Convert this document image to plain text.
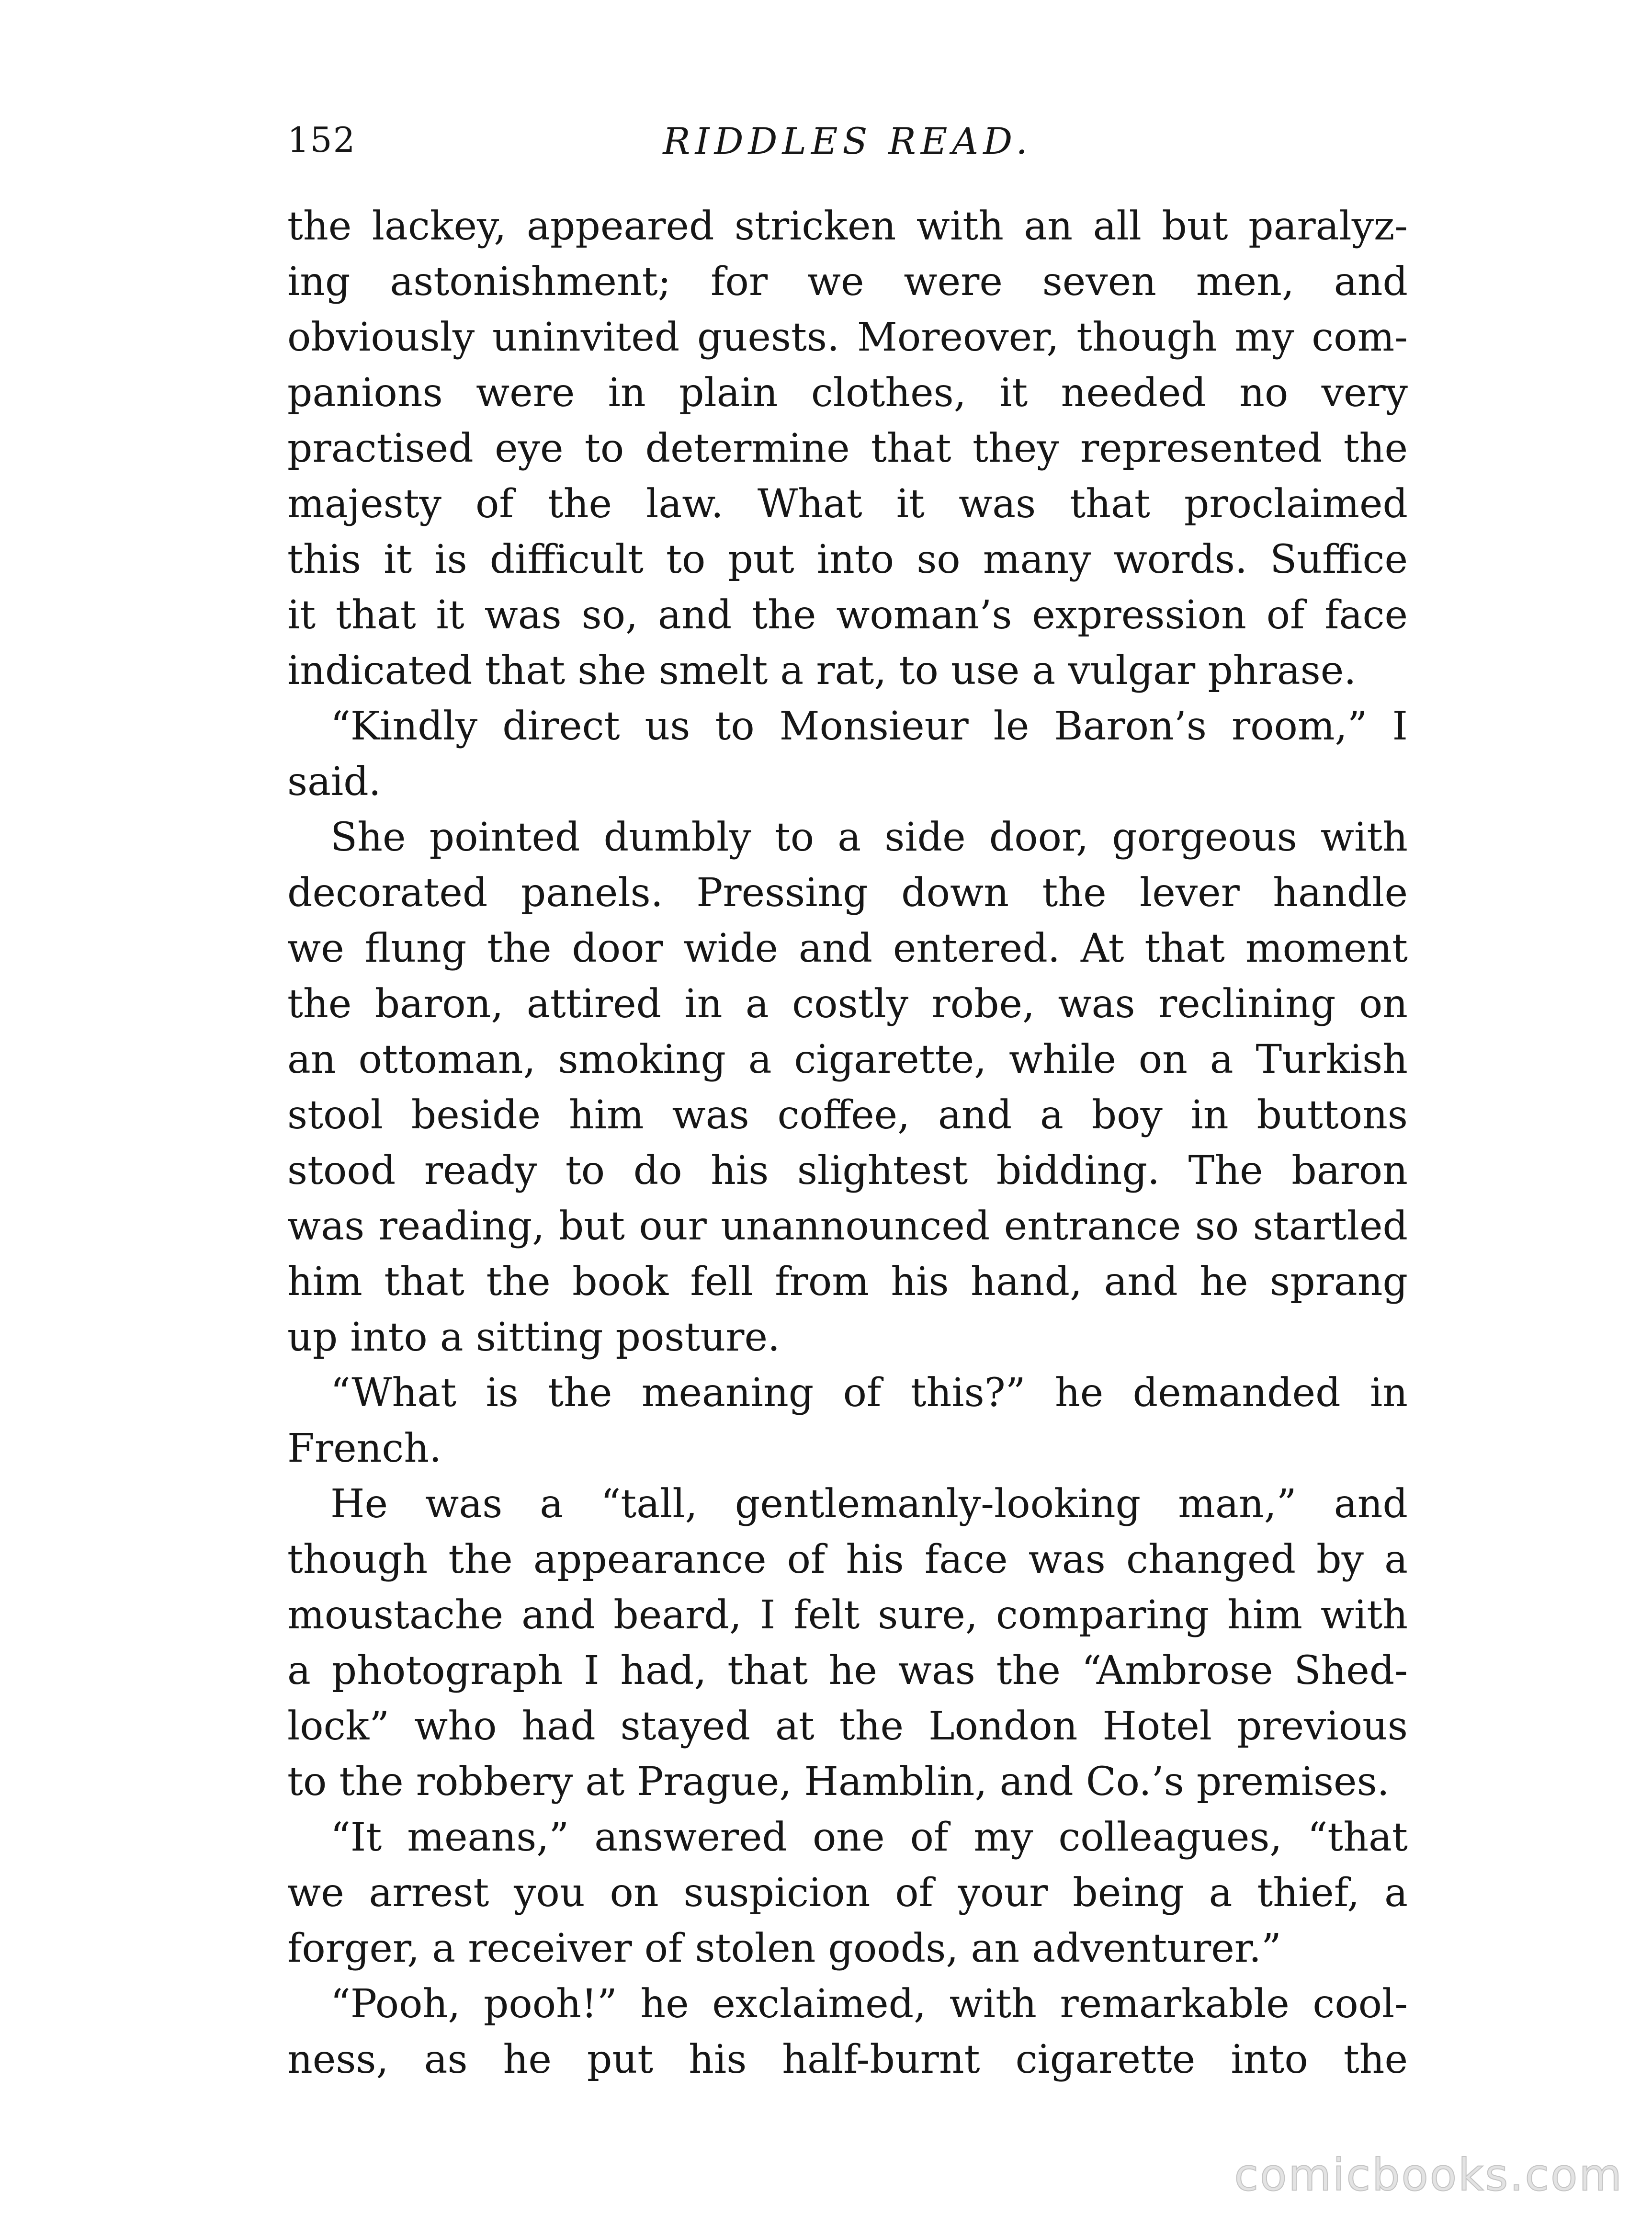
152	RIDDLES READ.
the lackey, appeared stricken with an all but paralyz-
ing astonishment; for we were seven men, and
obviously uninvited guests. Moreover, though my com-
panions were in plain clothes, it needed no very
practised eye to determine that they represented the
majesty of the law. What it was that proclaimed
this it is difficult to put into so many words. Suffice
it that it was so, and the woman’s expression of face
indicated that she smelt a rat, to use a vulgar phrase.
“Kindly direct us to Monsieur le Baron’s room,” I
said.
She pointed dumbly to a side door, gorgeous with
decorated panels. Pressing down the lever handle
we flung the door wide and entered. At that moment
the baron, attired in a costly robe, was reclining on
an ottoman, smoking a cigarette, while on a Turkish
stool beside him was coffee, and a boy in buttons
stood ready to do his slightest bidding. The baron
was reading, but our unannounced entrance so startled
him that the book fell from his hand, and he sprang
up into a sitting posture.
“What is the meaning of this?” he demanded in
French.
He was a “tall, gentlemanly-looking man,” and
though the appearance of his face was changed by a
moustache and beard, I felt sure, comparing him with
a photograph I had, that he was the “Ambrose Shed-
lock” who had stayed at the London Hotel previous
to the robbery at Prague, Hamblin, and Co.’s premises.
“It means,” answered one of my colleagues, “that
we arrest you on suspicion of your being a thief, a
forger, a receiver of stolen goods, an adventurer.”
“Pooh, pooh!” he exclaimed, with remarkable cool-
ness, as he put his half-burnt cigarette into the
comicbooks.com
